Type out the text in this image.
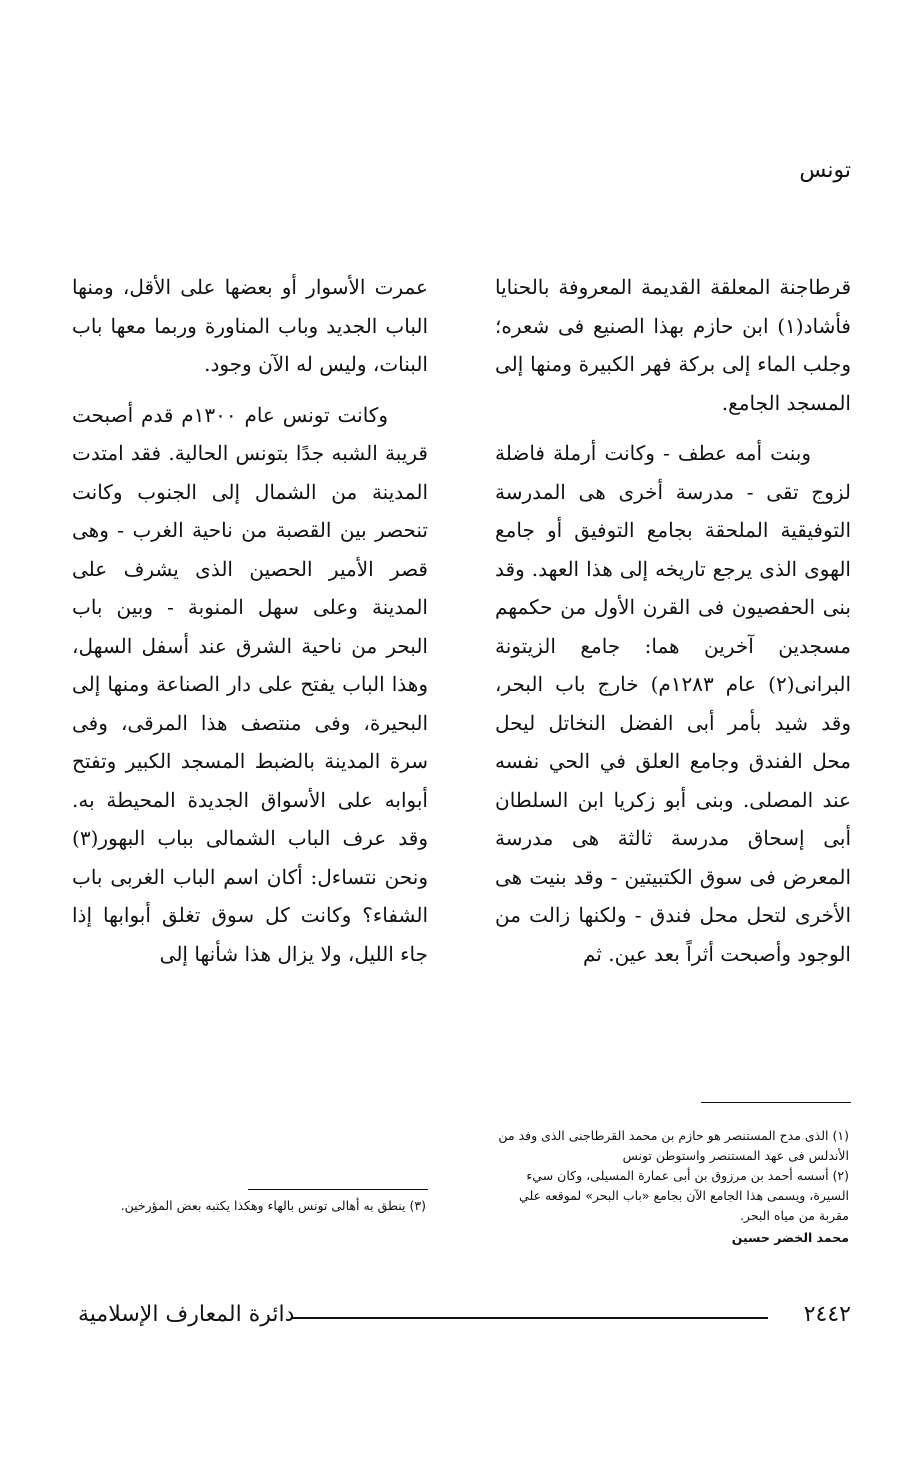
تونس

قرطاجنة المعلقة القديمة المعروفة بالحنايا فأشاد(١) ابن حازم بهذا الصنيع فى شعره؛ وجلب الماء إلى بركة فهر الكبيرة ومنها إلى المسجد الجامع.

وبنت أمه عطف - وكانت أرملة فاضلة لزوج تقى - مدرسة أخرى هى المدرسة التوفيقية الملحقة بجامع التوفيق أو جامع الهوى الذى يرجع تاريخه إلى هذا العهد. وقد بنى الحفصيون فى القرن الأول من حكمهم مسجدين آخرين هما: جامع الزيتونة البرانى(٢) عام ١٢٨٣م) خارج باب البحر، وقد شيد بأمر أبى الفضل النخاتل ليحل محل الفندق وجامع العلق في الحي نفسه عند المصلى. وبنى أبو زكريا ابن السلطان أبى إسحاق مدرسة ثالثة هى مدرسة المعرض فى سوق الكتبيتين - وقد بنيت هى الأخرى لتحل محل فندق - ولكنها زالت من الوجود وأصبحت أثراً بعد عين. ثم

عمرت الأسوار أو بعضها على الأقل، ومنها الباب الجديد وباب المناورة وربما معها باب البنات، وليس له الآن وجود.

وكانت تونس عام ١٣٠٠م قدم أصبحت قريبة الشبه جدًا بتونس الحالية. فقد امتدت المدينة من الشمال إلى الجنوب وكانت تنحصر بين القصبة من ناحية الغرب - وهى قصر الأمير الحصين الذى يشرف على المدينة وعلى سهل المنوبة - وبين باب البحر من ناحية الشرق عند أسفل السهل، وهذا الباب يفتح على دار الصناعة ومنها إلى البحيرة، وفى منتصف هذا المرقى، وفى سرة المدينة بالضبط المسجد الكبير وتفتح أبوابه على الأسواق الجديدة المحيطة به. وقد عرف الباب الشمالى بباب البهور(٣) ونحن نتساءل: أكان اسم الباب الغربى باب الشفاء؟ وكانت كل سوق تغلق أبوابها إذا جاء الليل، ولا يزال هذا شأنها إلى

(١) الذى مدح المستنصر هو حازم بن محمد القرطاجنى الذى وفد من الأندلس فى عهد المستنصر واستوطن تونس

(٢) أسسه أحمد بن مرزوق بن أبى عمارة المسيلى، وكان سيء السيرة، ويسمى هذا الجامع الآن بجامع «باب البحر» لموقعه علي مقربة من مياه البحر.

محمد الخضر حسين

(٣) ينطق به أهالى تونس بالهاء وهكذا يكتبه بعض المؤرخين.

٢٤٤٢
دائرة المعارف الإسلامية
